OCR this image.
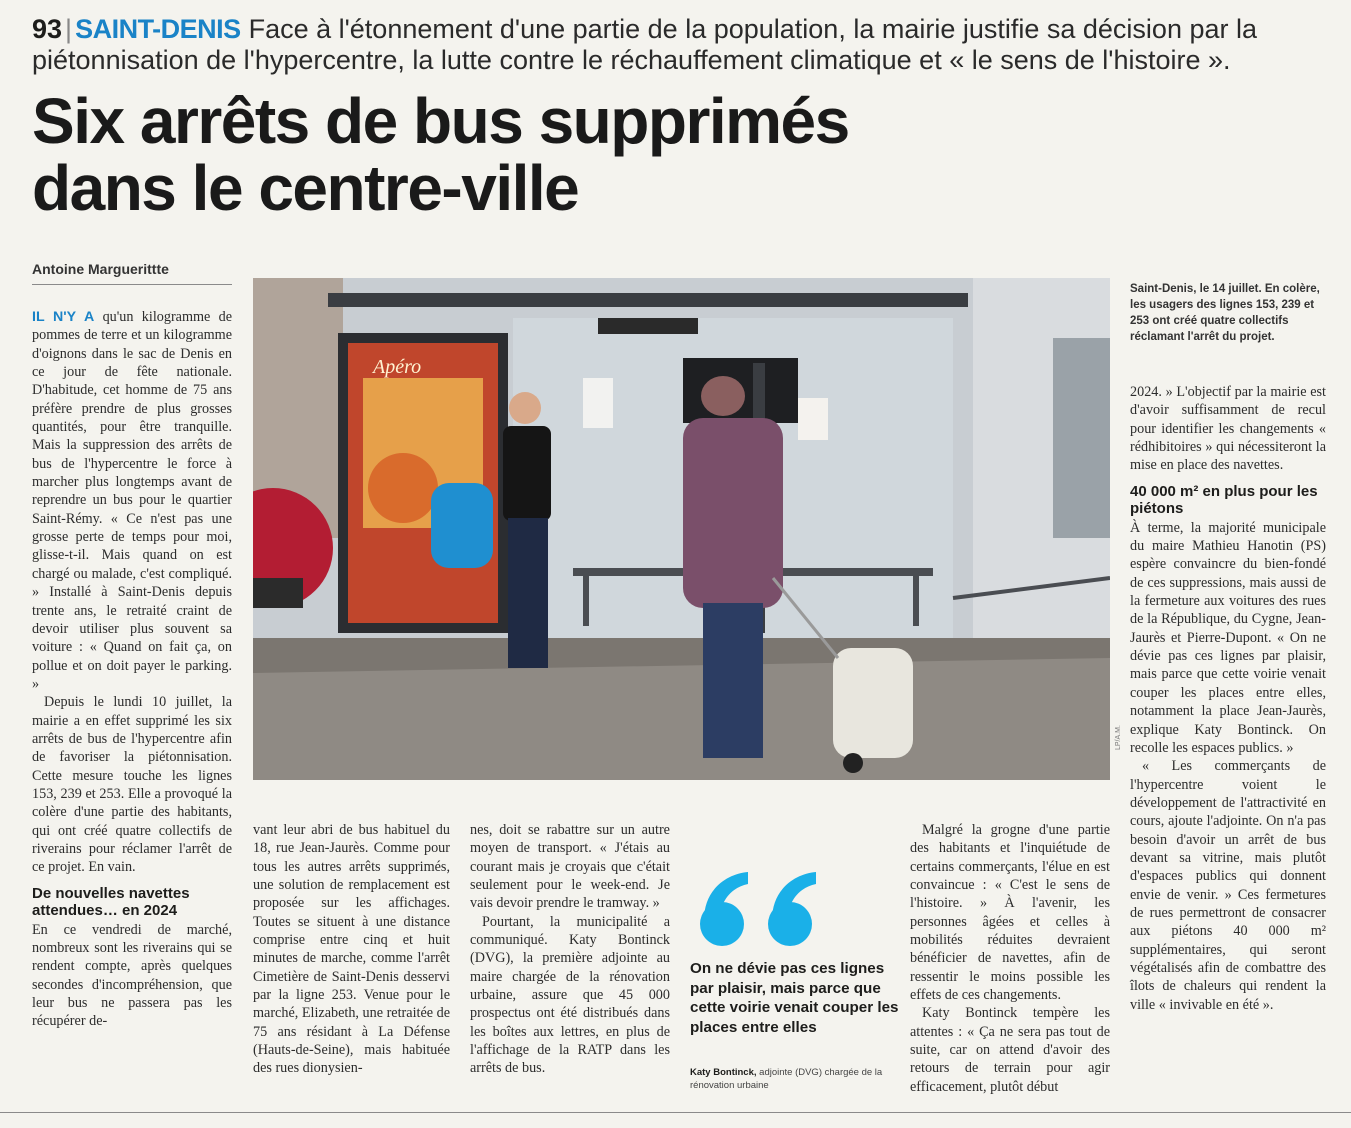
93 | SAINT-DENIS Face à l'étonnement d'une partie de la population, la mairie justifie sa décision par la piétonnisation de l'hypercentre, la lutte contre le réchauffement climatique et « le sens de l'histoire ».
Six arrêts de bus supprimés
dans le centre-ville
Antoine Marguerittte

IL N'Y A qu'un kilogramme de pommes de terre et un kilogramme d'oignons dans le sac de Denis en ce jour de fête nationale. D'habitude, cet homme de 75 ans préfère prendre de plus grosses quantités, pour être tranquille. Mais la suppression des arrêts de bus de l'hypercentre le force à marcher plus longtemps avant de reprendre un bus pour le quartier Saint-Rémy. « Ce n'est pas une grosse perte de temps pour moi, glisse-t-il. Mais quand on est chargé ou malade, c'est compliqué. » Installé à Saint-Denis depuis trente ans, le retraité craint de devoir utiliser plus souvent sa voiture : « Quand on fait ça, on pollue et on doit payer le parking. »

Depuis le lundi 10 juillet, la mairie a en effet supprimé les six arrêts de bus de l'hypercentre afin de favoriser la piétonnisation. Cette mesure touche les lignes 153, 239 et 253. Elle a provoqué la colère d'une partie des habitants, qui ont créé quatre collectifs de riverains pour réclamer l'arrêt de ce projet. En vain.

De nouvelles navettes attendues… en 2024

En ce vendredi de marché, nombreux sont les riverains qui se rendent compte, après quelques secondes d'incompréhension, que leur bus ne passera pas les récupérer de-

Apéro
Saint-Denis, le 14 juillet. En colère, les usagers des lignes 153, 239 et 253 ont créé quatre collectifs réclamant l'arrêt du projet.
LP/A.M.

vant leur abri de bus habituel du 18, rue Jean-Jaurès. Comme pour tous les autres arrêts supprimés, une solution de remplacement est proposée sur les affichages. Toutes se situent à une distance comprise entre cinq et huit minutes de marche, comme l'arrêt Cimetière de Saint-Denis desservi par la ligne 253. Venue pour le marché, Elizabeth, une retraitée de 75 ans résidant à La Défense (Hauts-de-Seine), mais habituée des rues dionysien-

nes, doit se rabattre sur un autre moyen de transport. « J'étais au courant mais je croyais que c'était seulement pour le week-end. Je vais devoir prendre le tramway. »

Pourtant, la municipalité a communiqué. Katy Bontinck (DVG), la première adjointe au maire chargée de la rénovation urbaine, assure que 45 000 prospectus ont été distribués dans les boîtes aux lettres, en plus de l'affichage de la RATP dans les arrêts de bus.

On ne dévie pas ces lignes par plaisir, mais parce que cette voirie venait couper les places entre elles
Katy Bontinck, adjointe (DVG) chargée de la rénovation urbaine

Malgré la grogne d'une partie des habitants et l'inquiétude de certains commerçants, l'élue en est convaincue : « C'est le sens de l'histoire. » À l'avenir, les personnes âgées et celles à mobilités réduites devraient bénéficier de navettes, afin de ressentir le moins possible les effets de ces changements.

Katy Bontinck tempère les attentes : « Ça ne sera pas tout de suite, car on attend d'avoir des retours de terrain pour agir efficacement, plutôt début

2024. » L'objectif par la mairie est d'avoir suffisamment de recul pour identifier les changements « rédhibitoires » qui nécessiteront la mise en place des navettes.

40 000 m² en plus pour les piétons

À terme, la majorité municipale du maire Mathieu Hanotin (PS) espère convaincre du bien-fondé de ces suppressions, mais aussi de la fermeture aux voitures des rues de la République, du Cygne, Jean-Jaurès et Pierre-Dupont. « On ne dévie pas ces lignes par plaisir, mais parce que cette voirie venait couper les places entre elles, notamment la place Jean-Jaurès, explique Katy Bontinck. On recolle les espaces publics. »

« Les commerçants de l'hypercentre voient le développement de l'attractivité en cours, ajoute l'adjointe. On n'a pas besoin d'avoir un arrêt de bus devant sa vitrine, mais plutôt d'espaces publics qui donnent envie de venir. » Ces fermetures de rues permettront de consacrer aux piétons 40 000 m² supplémentaires, qui seront végétalisés afin de combattre des îlots de chaleurs qui rendent la ville « invivable en été ».
